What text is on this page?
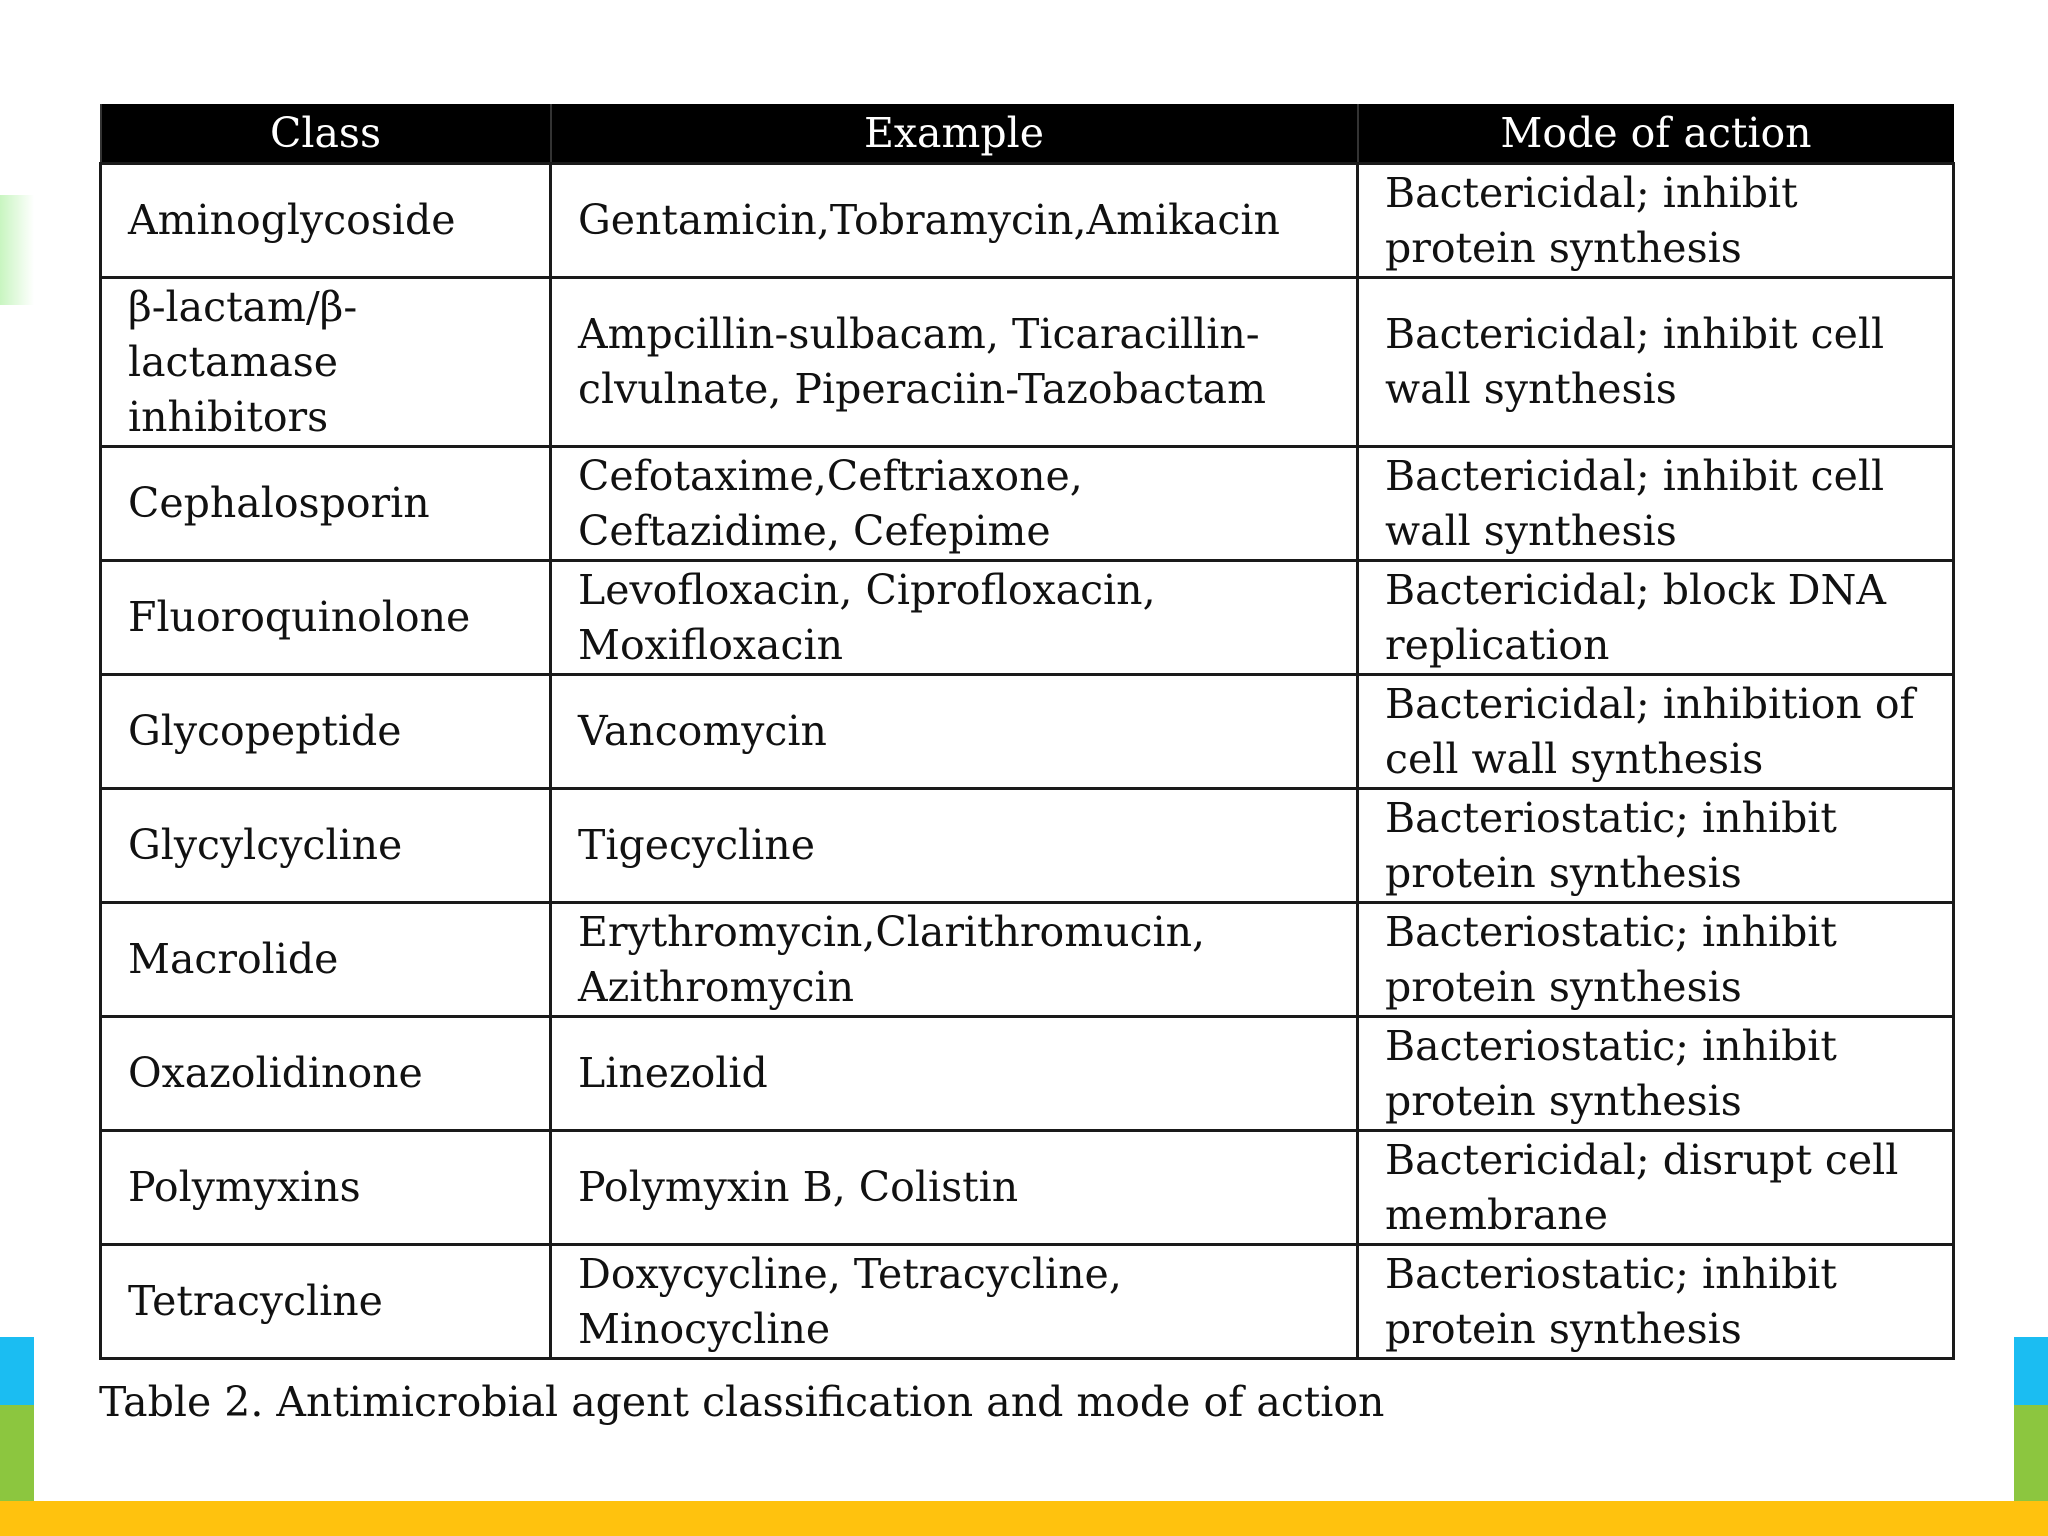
Class	Example	Mode of action
Aminoglycoside	Gentamicin,Tobramycin,Amikacin	Bactericidal; inhibit protein synthesis
β-lactam/β-lactamase inhibitors	Ampcillin-sulbacam, Ticaracillin-clvulnate, Piperaciin-Tazobactam	Bactericidal; inhibit cell wall synthesis
Cephalosporin	Cefotaxime,Ceftriaxone, Ceftazidime, Cefepime	Bactericidal; inhibit cell wall synthesis
Fluoroquinolone	Levofloxacin, Ciprofloxacin, Moxifloxacin	Bactericidal; block DNA replication
Glycopeptide	Vancomycin	Bactericidal; inhibition of cell wall synthesis
Glycylcycline	Tigecycline	Bacteriostatic; inhibit protein synthesis
Macrolide	Erythromycin,Clarithromucin, Azithromycin	Bacteriostatic; inhibit protein synthesis
Oxazolidinone	Linezolid	Bacteriostatic; inhibit protein synthesis
Polymyxins	Polymyxin B, Colistin	Bactericidal; disrupt cell membrane
Tetracycline	Doxycycline, Tetracycline, Minocycline	Bacteriostatic; inhibit protein synthesis
Table 2. Antimicrobial agent classification and mode of action
